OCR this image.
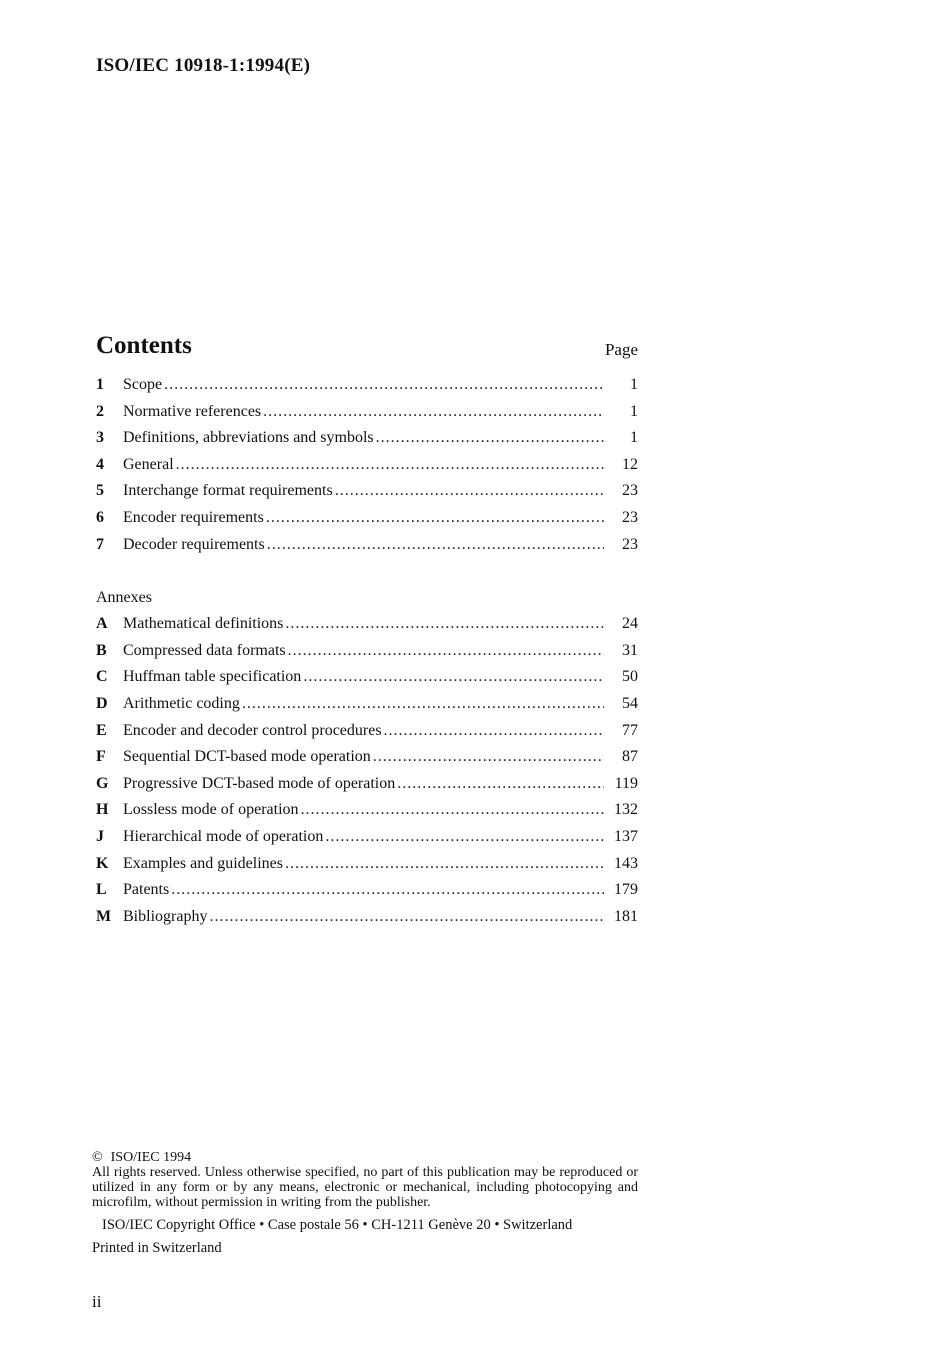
ISO/IEC 10918-1:1994(E)
Contents	Page
1	Scope .....	1
2	Normative references .....	1
3	Definitions, abbreviations and symbols .....	1
4	General .....	12
5	Interchange format requirements .....	23
6	Encoder requirements .....	23
7	Decoder requirements .....	23
Annexes
A Mathematical definitions .....	24
B	Compressed data formats .....	31
C Huffman table specification .....	50
D Arithmetic coding .....	54
E	Encoder and decoder control procedures .....	77
F	Sequential DCT-based mode operation .....	87
G Progressive DCT-based mode of operation .....	119
H Lossless mode of operation .....	132
J	Hierarchical mode of operation .....	137
K Examples and guidelines .....	143
L	Patents .....	179
M Bibliography .....	181
© ISO/IEC 1994
All rights reserved. Unless otherwise specified, no part of this publication may be reproduced or utilized in any form or by any means, electronic or mechanical, including photocopying and microfilm, without permission in writing from the publisher.
ISO/IEC Copyright Office • Case postale 56 • CH-1211 Genève 20 • Switzerland
Printed in Switzerland
ii
